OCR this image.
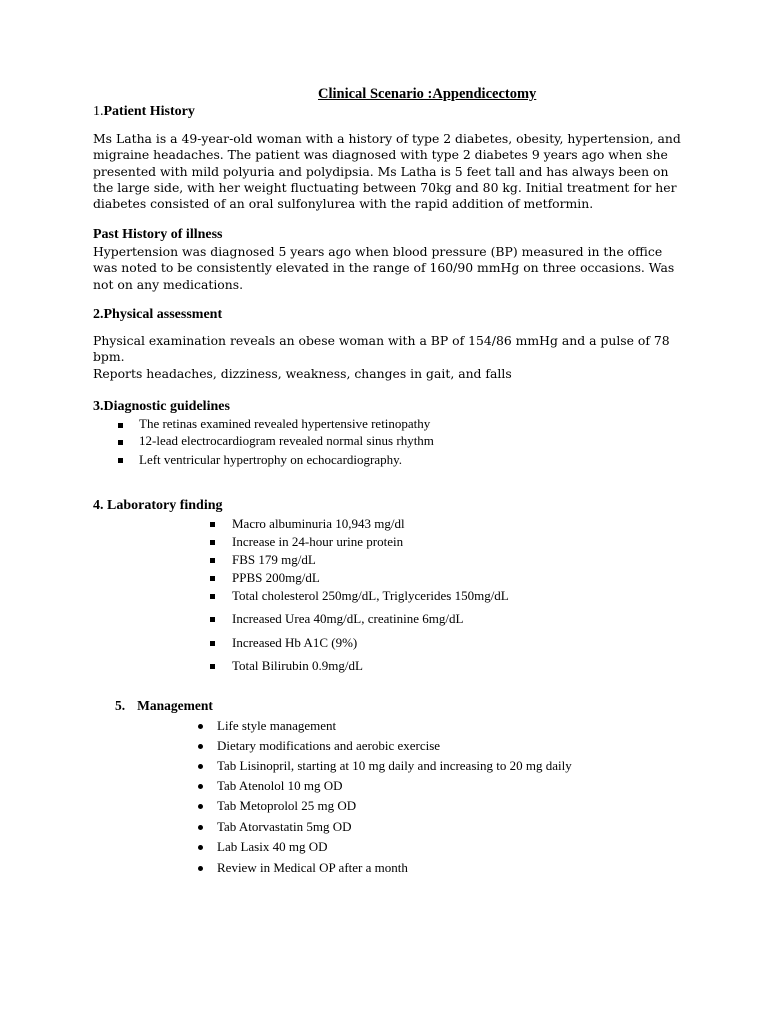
Clinical Scenario :Appendicectomy
1.Patient History
Ms Latha is a 49-year-old woman with a history of type 2 diabetes, obesity, hypertension, and
migraine headaches. The patient was diagnosed with type 2 diabetes 9 years ago when she
presented with mild polyuria and polydipsia. Ms Latha is 5 feet tall and has always been on
the large side, with her weight fluctuating between 70kg and 80 kg. Initial treatment for her
diabetes consisted of an oral sulfonylurea with the rapid addition of metformin.
Past History of illness
Hypertension was diagnosed 5 years ago when blood pressure (BP) measured in the office
was noted to be consistently elevated in the range of 160/90 mmHg on three occasions. Was
not on any medications.
2.Physical assessment
Physical examination reveals an obese woman with a BP of 154/86 mmHg and a pulse of 78
bpm.
Reports headaches, dizziness, weakness, changes in gait, and falls
3.Diagnostic guidelines
The retinas examined revealed hypertensive retinopathy
12-lead electrocardiogram revealed normal sinus rhythm
Left ventricular hypertrophy on echocardiography.
4. Laboratory finding
Macro albuminuria 10,943 mg/dl
Increase in 24-hour urine protein
FBS 179 mg/dL
PPBS 200mg/dL
Total cholesterol 250mg/dL, Triglycerides 150mg/dL
Increased Urea 40mg/dL, creatinine 6mg/dL
Increased Hb A1C (9%)
Total Bilirubin 0.9mg/dL
5. Management
Life style management
Dietary modifications and aerobic exercise
Tab Lisinopril, starting at 10 mg daily and increasing to 20 mg daily
Tab Atenolol 10 mg OD
Tab Metoprolol 25 mg OD
Tab Atorvastatin 5mg OD
Lab Lasix 40 mg OD
Review in Medical OP after a month
